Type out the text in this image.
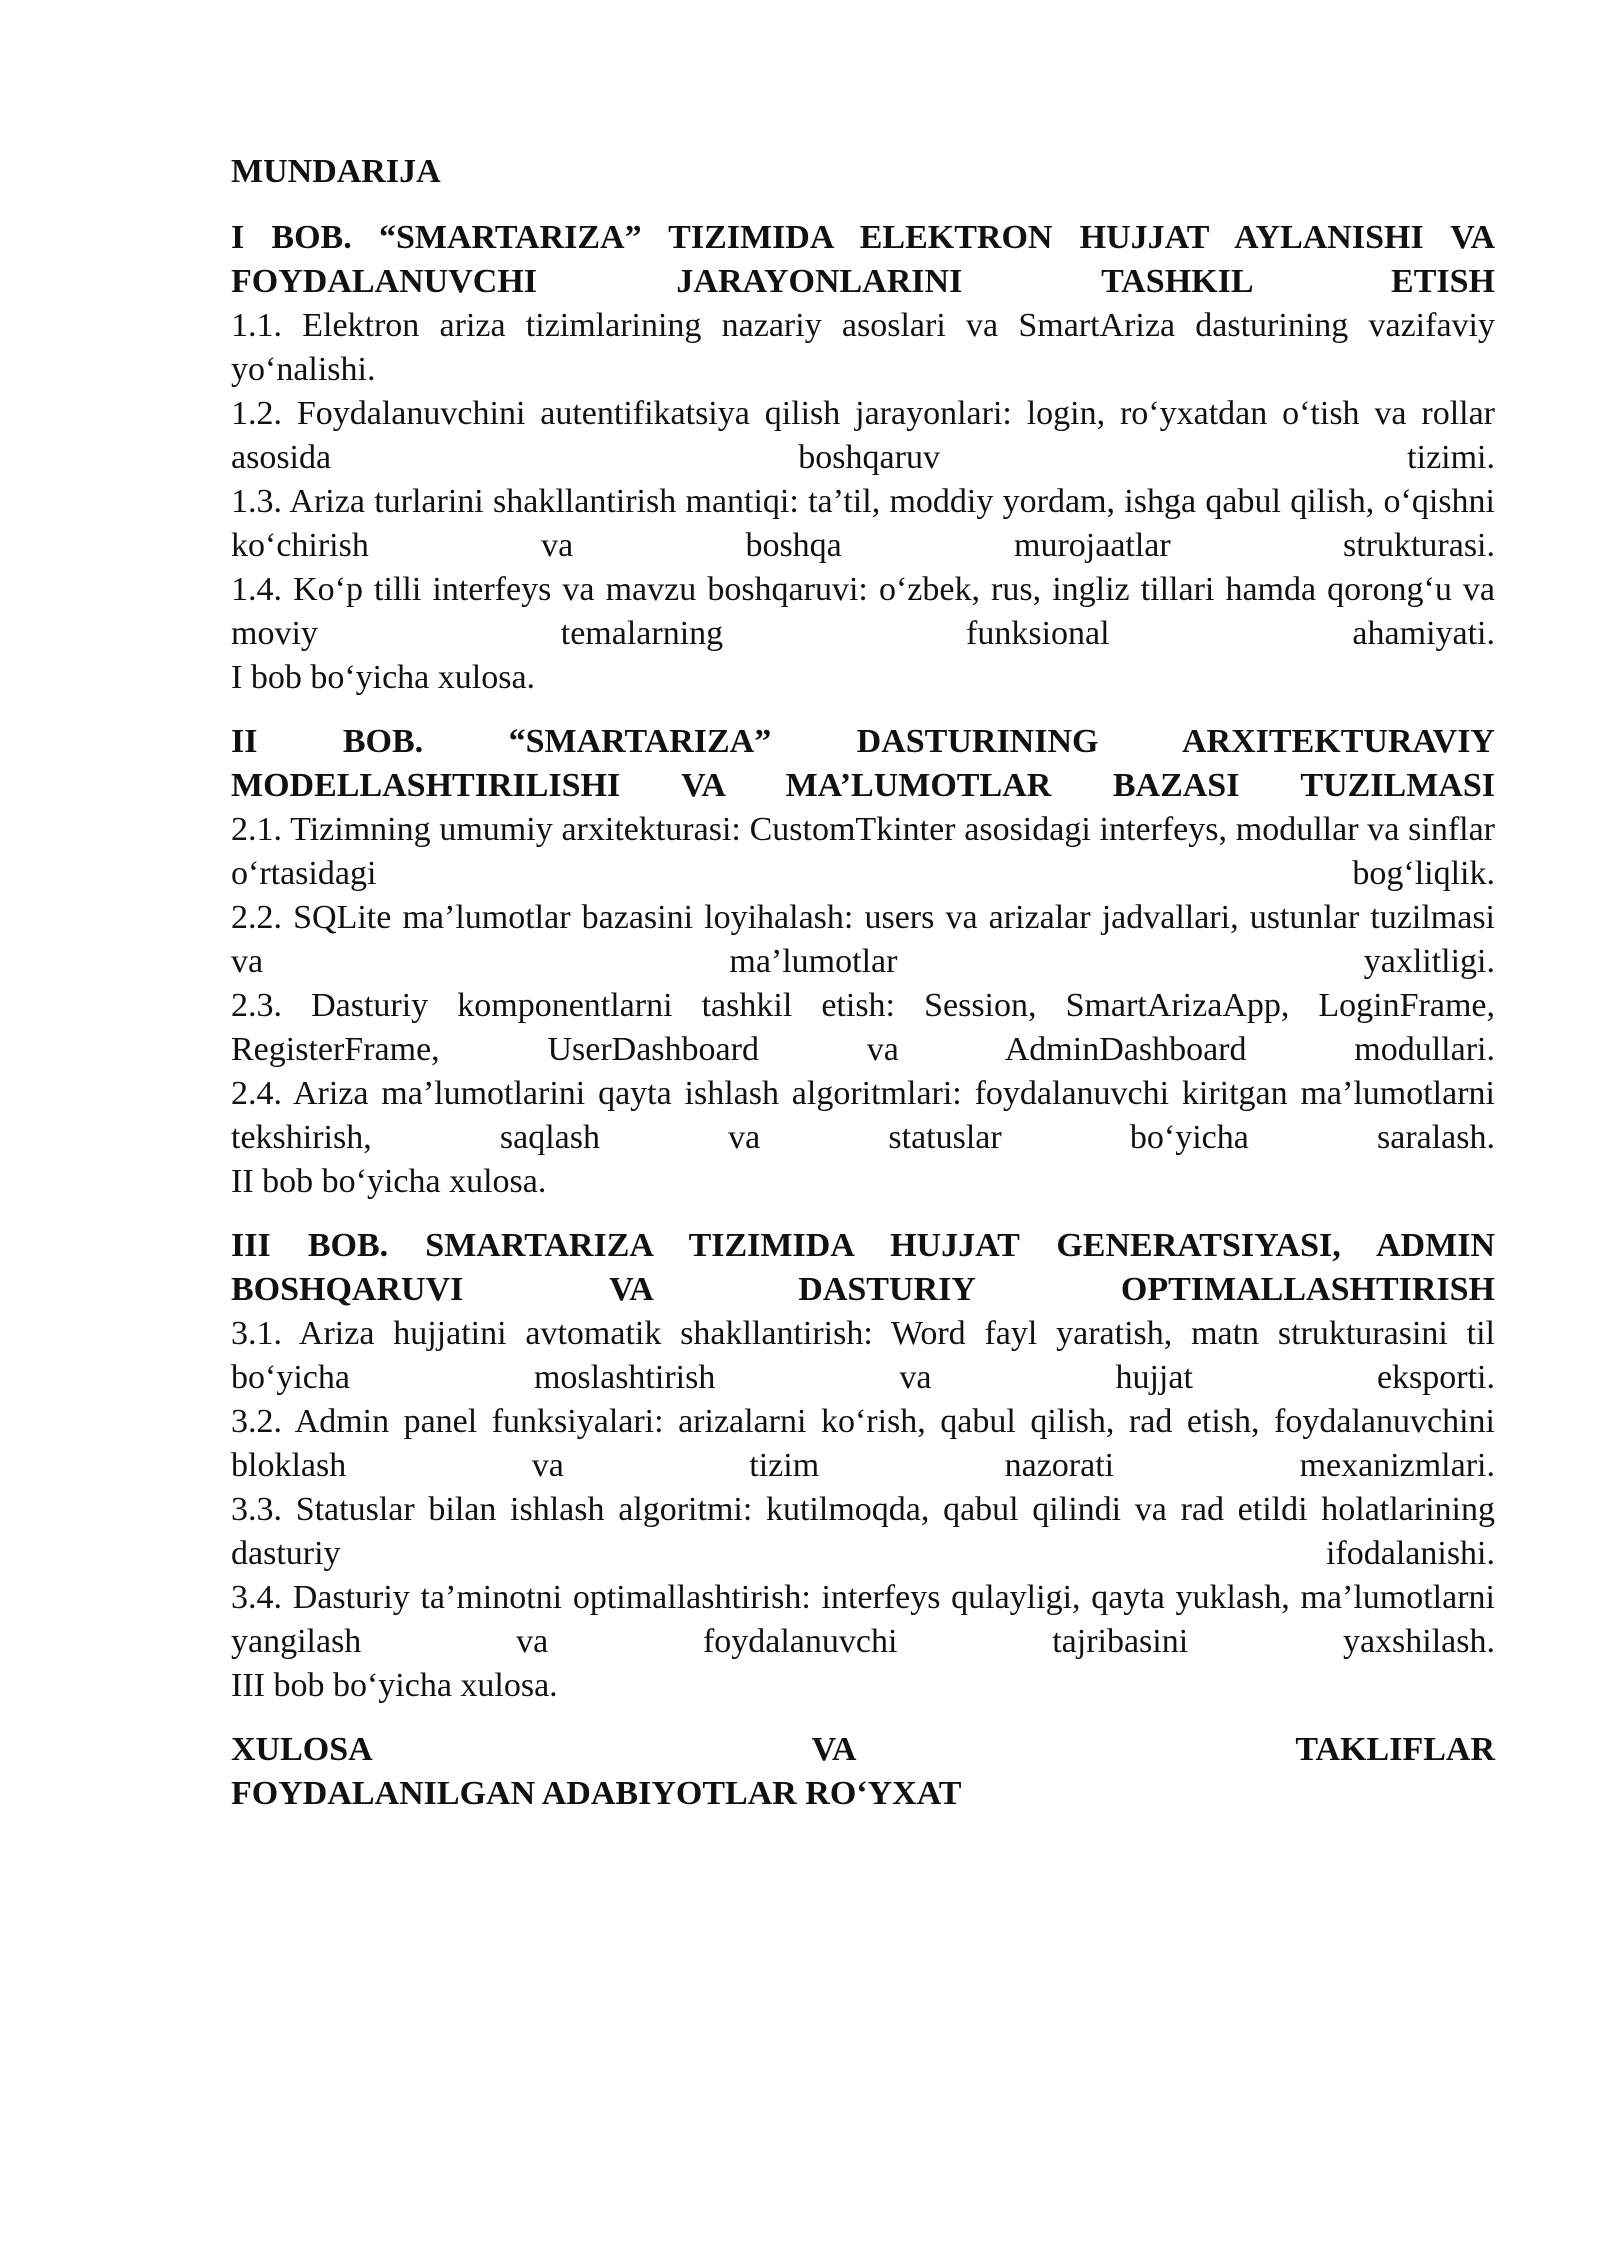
MUNDARIJA
I BOB. “SMARTARIZA” TIZIMIDA ELEKTRON HUJJAT AYLANISHI VA FOYDALANUVCHI JARAYONLARINI TASHKIL ETISH
1.1. Elektron ariza tizimlarining nazariy asoslari va SmartAriza dasturining vazifaviy yo‘nalishi.
1.2. Foydalanuvchini autentifikatsiya qilish jarayonlari: login, ro‘yxatdan o‘tish va rollar asosida boshqaruv tizimi.
1.3. Ariza turlarini shakllantirish mantiqi: ta’til, moddiy yordam, ishga qabul qilish, o‘qishni ko‘chirish va boshqa murojaatlar strukturasi.
1.4. Ko‘p tilli interfeys va mavzu boshqaruvi: o‘zbek, rus, ingliz tillari hamda qorong‘u va moviy temalarning funksional ahamiyati.
I bob bo‘yicha xulosa.
II BOB. “SMARTARIZA” DASTURINING ARXITEKTURAVIY MODELLASHTIRILISHI VA MA’LUMOTLAR BAZASI TUZILMASI
2.1. Tizimning umumiy arxitekturasi: CustomTkinter asosidagi interfeys, modullar va sinflar o‘rtasidagi bog‘liqlik.
2.2. SQLite ma’lumotlar bazasini loyihalash: users va arizalar jadvallari, ustunlar tuzilmasi va ma’lumotlar yaxlitligi.
2.3. Dasturiy komponentlarni tashkil etish: Session, SmartArizaApp, LoginFrame, RegisterFrame, UserDashboard va AdminDashboard modullari.
2.4. Ariza ma’lumotlarini qayta ishlash algoritmlari: foydalanuvchi kiritgan ma’lumotlarni tekshirish, saqlash va statuslar bo‘yicha saralash.
II bob bo‘yicha xulosa.
III BOB. SMARTARIZA TIZIMIDA HUJJAT GENERATSIYASI, ADMIN BOSHQARUVI VA DASTURIY OPTIMALLASHTIRISH
3.1. Ariza hujjatini avtomatik shakllantirish: Word fayl yaratish, matn strukturasini til bo‘yicha moslashtirish va hujjat eksporti.
3.2. Admin panel funksiyalari: arizalarni ko‘rish, qabul qilish, rad etish, foydalanuvchini bloklash va tizim nazorati mexanizmlari.
3.3. Statuslar bilan ishlash algoritmi: kutilmoqda, qabul qilindi va rad etildi holatlarining dasturiy ifodalanishi.
3.4. Dasturiy ta’minotni optimallashtirish: interfeys qulayligi, qayta yuklash, ma’lumotlarni yangilash va foydalanuvchi tajribasini yaxshilash.
III bob bo‘yicha xulosa.
XULOSA VA TAKLIFLAR
FOYDALANILGAN ADABIYOTLAR RO‘YXAT
